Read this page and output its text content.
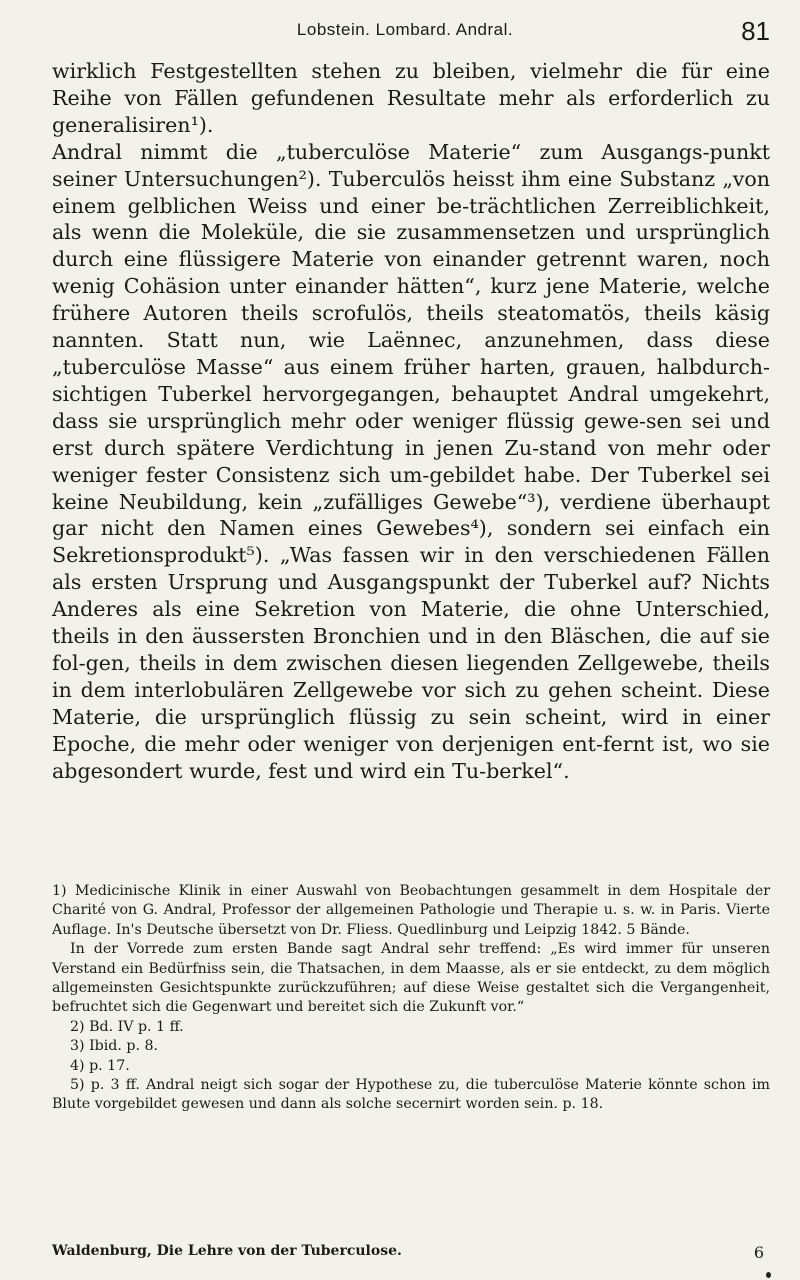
Lobstein. Lombard. Andral.	81

wirklich Festgestellten stehen zu bleiben, vielmehr die für eine Reihe von Fällen gefundenen Resultate mehr als erforderlich zu generalisiren¹).

Andral nimmt die „tuberculöse Materie“ zum Ausgangs-punkt seiner Untersuchungen²). Tuberculös heisst ihm eine Substanz „von einem gelblichen Weiss und einer be-trächtlichen Zerreiblichkeit, als wenn die Moleküle, die sie zusammensetzen und ursprünglich durch eine flüssigere Materie von einander getrennt waren, noch wenig Cohäsion unter einander hätten“, kurz jene Materie, welche frühere Autoren theils scrofulös, theils steatomatös, theils käsig nannten. Statt nun, wie Laënnec, anzunehmen, dass diese „tuberculöse Masse“ aus einem früher harten, grauen, halbdurch-sichtigen Tuberkel hervorgegangen, behauptet Andral umgekehrt, dass sie ursprünglich mehr oder weniger flüssig gewe-sen sei und erst durch spätere Verdichtung in jenen Zu-stand von mehr oder weniger fester Consistenz sich um-gebildet habe. Der Tuberkel sei keine Neubildung, kein „zufälliges Gewebe“³), verdiene überhaupt gar nicht den Namen eines Gewebes⁴), sondern sei einfach ein Sekretionsprodukt⁵). „Was fassen wir in den verschiedenen Fällen als ersten Ursprung und Ausgangspunkt der Tuberkel auf? Nichts Anderes als eine Sekretion von Materie, die ohne Unterschied, theils in den äussersten Bronchien und in den Bläschen, die auf sie fol-gen, theils in dem zwischen diesen liegenden Zellgewebe, theils in dem interlobulären Zellgewebe vor sich zu gehen scheint. Diese Materie, die ursprünglich flüssig zu sein scheint, wird in einer Epoche, die mehr oder weniger von derjenigen ent-fernt ist, wo sie abgesondert wurde, fest und wird ein Tu-berkel“.

1) Medicinische Klinik in einer Auswahl von Beobachtungen gesammelt in dem Hospitale der Charité von G. Andral, Professor der allgemeinen Pathologie und Therapie u. s. w. in Paris. Vierte Auflage. In's Deutsche übersetzt von Dr. Fliess. Quedlinburg und Leipzig 1842. 5 Bände.

In der Vorrede zum ersten Bande sagt Andral sehr treffend: „Es wird immer für unseren Verstand ein Bedürfniss sein, die Thatsachen, in dem Maasse, als er sie entdeckt, zu dem möglich allgemeinsten Gesichtspunkte zurückzuführen; auf diese Weise gestaltet sich die Vergangenheit, befruchtet sich die Gegenwart und bereitet sich die Zukunft vor.“

2) Bd. IV p. 1 ff.

3) Ibid. p. 8.

4) p. 17.

5) p. 3 ff. Andral neigt sich sogar der Hypothese zu, die tuberculöse Materie könnte schon im Blute vorgebildet gewesen und dann als solche secernirt worden sein. p. 18.

Waldenburg, Die Lehre von der Tuberculose.	6
